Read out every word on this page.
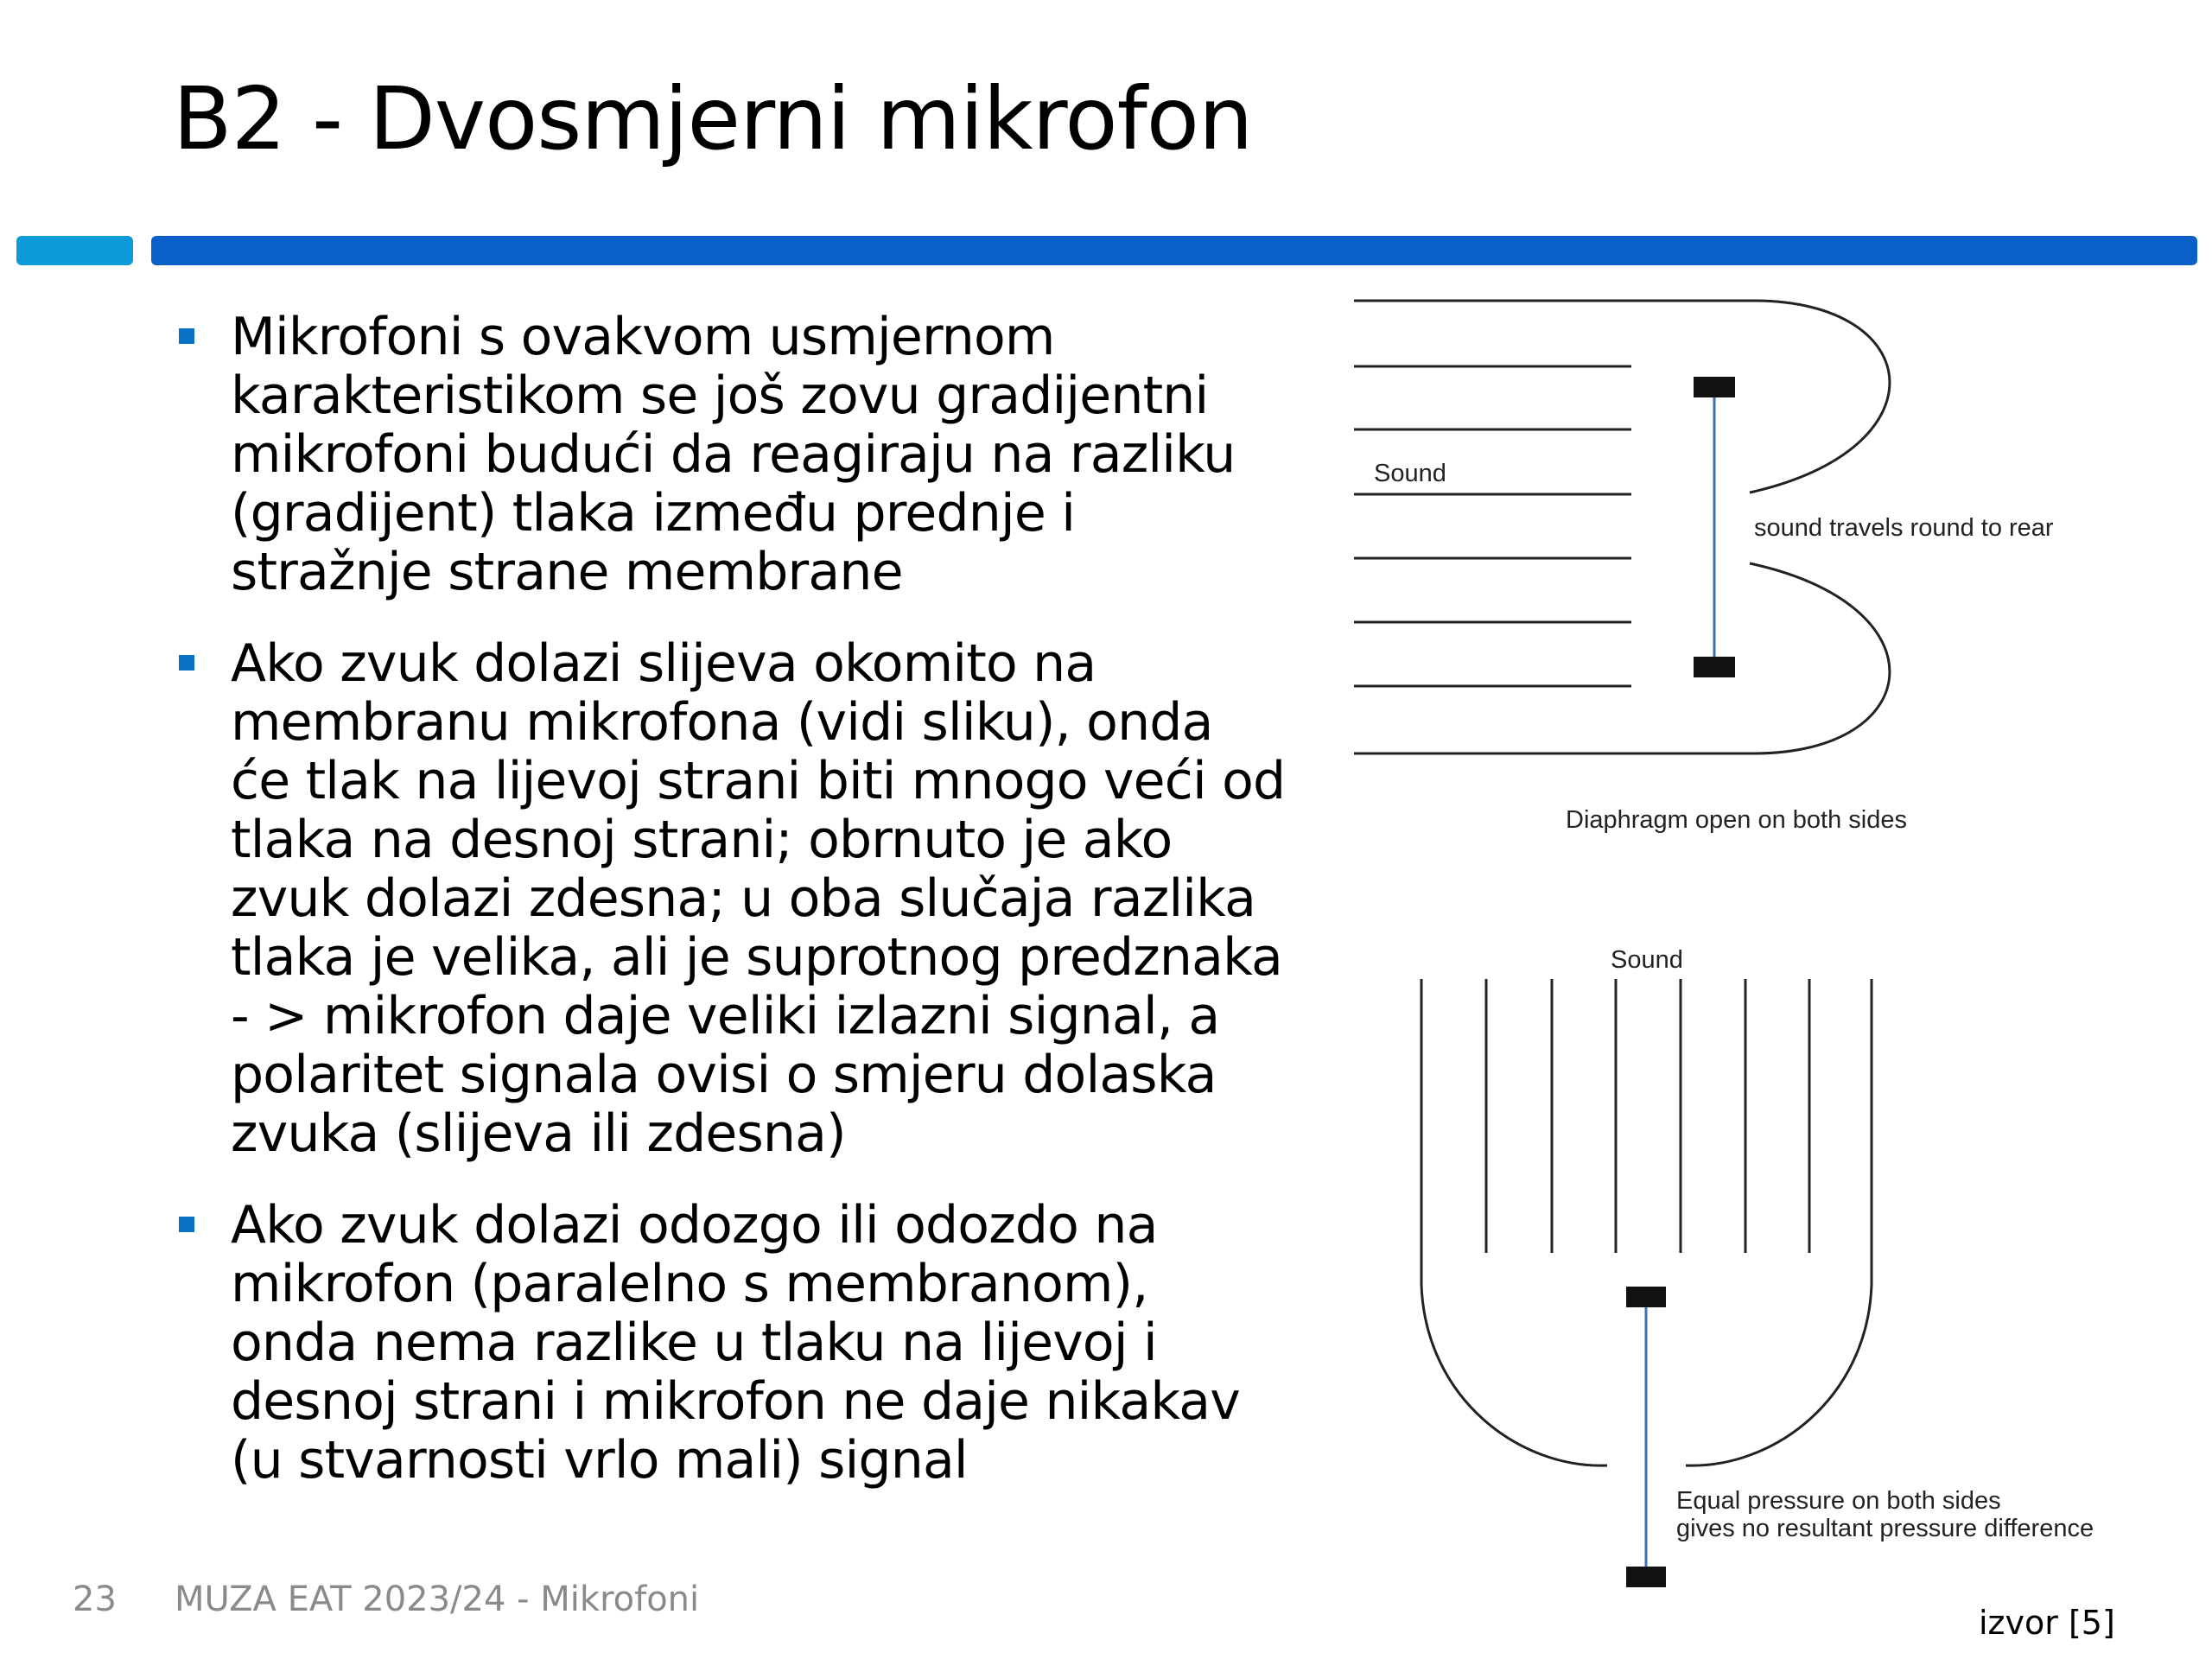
B2 - Dvosmjerni mikrofon
Mikrofoni s ovakvom usmjernom
karakteristikom se još zovu gradijentni
mikrofoni budući da reagiraju na razliku
(gradijent) tlaka između prednje i
stražnje strane membrane
Ako zvuk dolazi slijeva okomito na
membranu mikrofona (vidi sliku), onda
će tlak na lijevoj strani biti mnogo veći od
tlaka na desnoj strani; obrnuto je ako
zvuk dolazi zdesna; u oba slučaja razlika
tlaka je velika, ali je suprotnog predznaka
- > mikrofon daje veliki izlazni signal, a
polaritet signala ovisi o smjeru dolaska
zvuka (slijeva ili zdesna)
Ako zvuk dolazi odozgo ili odozdo na
mikrofon (paralelno s membranom),
onda nema razlike u tlaku na lijevoj i
desnoj strani i mikrofon ne daje nikakav
(u stvarnosti vrlo mali) signal
Sound
sound travels round to rear
Diaphragm open on both sides
Sound
Equal pressure on both sides
gives no resultant pressure difference
23 MUZA EAT 2023/24 - Mikrofoni
izvor [5]
